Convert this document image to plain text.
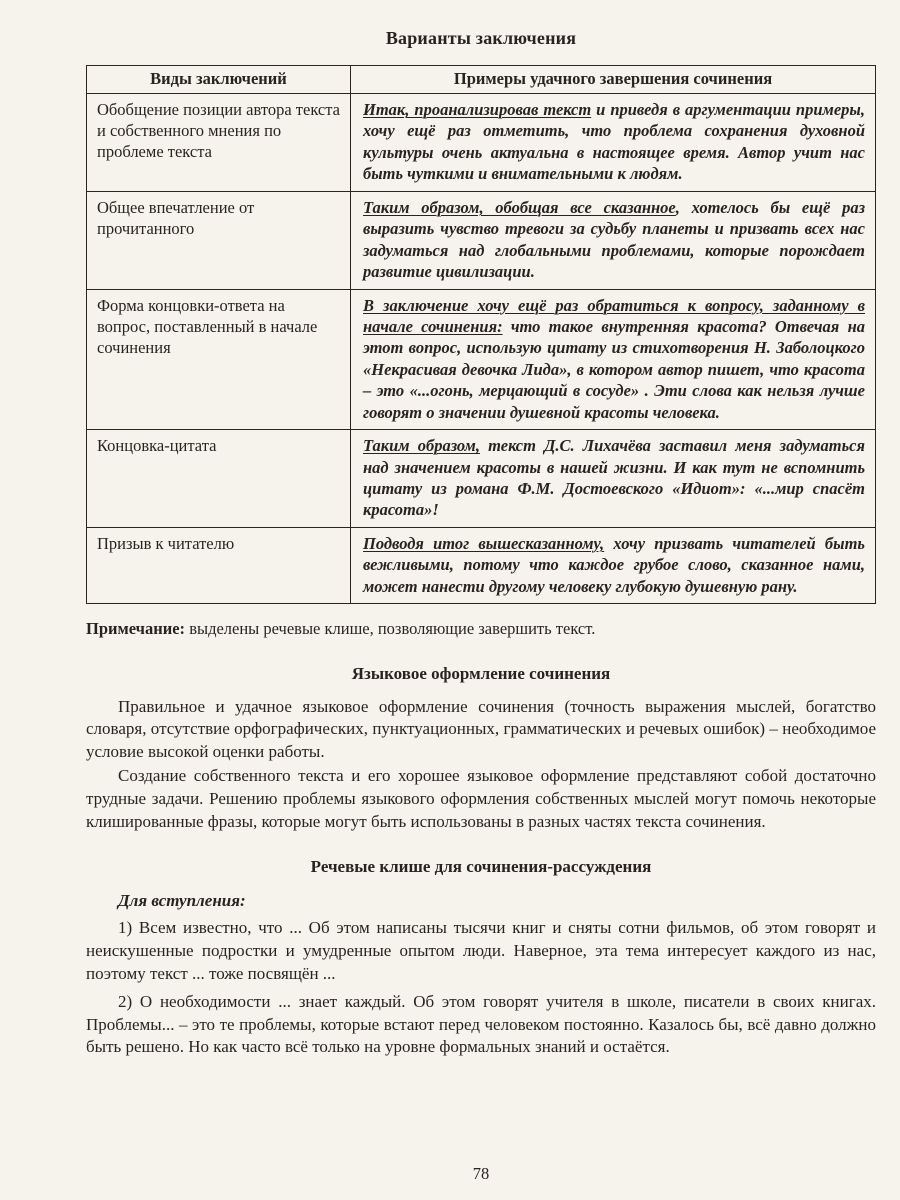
Варианты заключения
Виды заключений	Примеры удачного завершения сочинения
Обобщение позиции автора текста и собственного мнения по проблеме текста	Итак, проанализировав текст и приведя в аргументации примеры, хочу ещё раз отметить, что проблема сохранения духовной культуры очень актуальна в настоящее время. Автор учит нас быть чуткими и внимательными к людям.
Общее впечатление от прочитанного	Таким образом, обобщая все сказанное, хотелось бы ещё раз выразить чувство тревоги за судьбу планеты и призвать всех нас задуматься над глобальными проблемами, которые порождает развитие цивилизации.
Форма концовки-ответа на вопрос, поставленный в начале сочинения	В заключение хочу ещё раз обратиться к вопросу, заданному в начале сочинения: что такое внутренняя красота? Отвечая на этот вопрос, использую цитату из стихотворения Н. Заболоцкого «Некрасивая девочка Лида», в котором автор пишет, что красота – это «...огонь, мерцающий в сосуде» . Эти слова как нельзя лучше говорят о значении душевной красоты человека.
Концовка-цитата	Таким образом, текст Д.С. Лихачёва заставил меня задуматься над значением красоты в нашей жизни. И как тут не вспомнить цитату из романа Ф.М. Достоевского «Идиот»: «...мир спасёт красота»!
Призыв к читателю	Подводя итог вышесказанному, хочу призвать читателей быть вежливыми, потому что каждое грубое слово, сказанное нами, может нанести другому человеку глубокую душевную рану.

Примечание: выделены речевые клише, позволяющие завершить текст.

Языковое оформление сочинения

Правильное и удачное языковое оформление сочинения (точность выражения мыслей, богатство словаря, отсутствие орфографических, пунктуационных, грамматических и речевых ошибок) – необходимое условие высокой оценки работы.

Создание собственного текста и его хорошее языковое оформление представляют собой достаточно трудные задачи. Решению проблемы языкового оформления собственных мыслей могут помочь некоторые клишированные фразы, которые могут быть использованы в разных частях текста сочинения.

Речевые клише для сочинения-рассуждения
Для вступления:

1) Всем известно, что ... Об этом написаны тысячи книг и сняты сотни фильмов, об этом говорят и неискушенные подростки и умудренные опытом люди. Наверное, эта тема интересует каждого из нас, поэтому текст ... тоже посвящён ...

2) О необходимости ... знает каждый. Об этом говорят учителя в школе, писатели в своих книгах. Проблемы... – это те проблемы, которые встают перед человеком постоянно. Казалось бы, всё давно должно быть решено. Но как часто всё только на уровне формальных знаний и остаётся.

78
